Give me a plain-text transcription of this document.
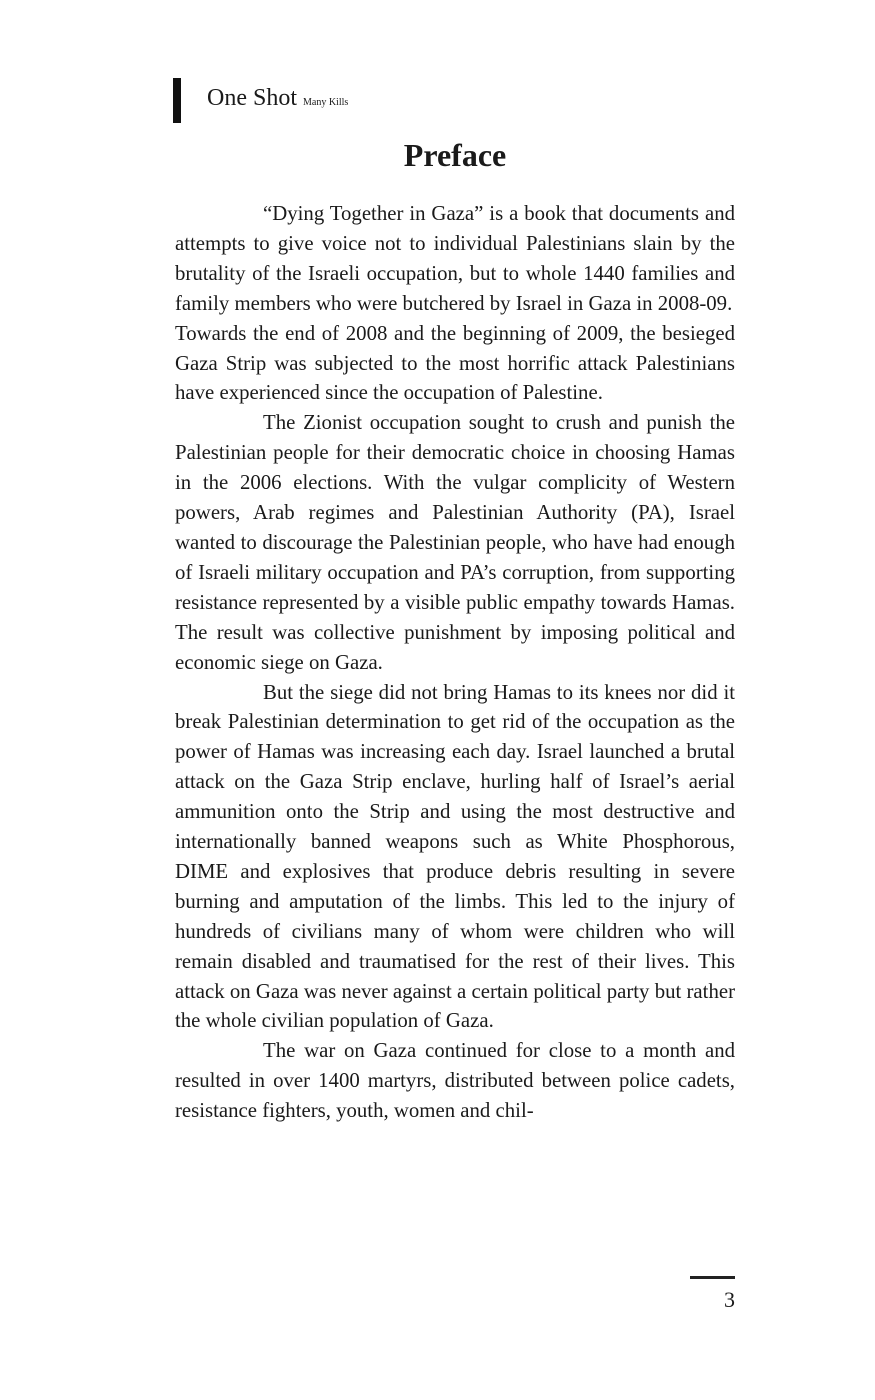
One Shot Many Kills
Preface

“Dying Together in Gaza” is a book that documents and attempts to give voice not to individual Palestinians slain by the brutality of the Israeli occupation, but to whole 1440 families and family members who were butchered by Israel in Gaza in 2008-09.

Towards the end of 2008 and the beginning of 2009, the besieged Gaza Strip was subjected to the most horrific attack Palestinians have experienced since the occupation of Palestine.

The Zionist occupation sought to crush and punish the Palestinian people for their democratic choice in choosing Hamas in the 2006 elections. With the vulgar complicity of Western powers, Arab regimes and Palestinian Authority (PA), Israel wanted to discourage the Palestinian people, who have had enough of Israeli military occupation and PA’s corruption, from supporting resistance represented by a visible public empathy towards Hamas. The result was collective punishment by imposing political and economic siege on Gaza.

But the siege did not bring Hamas to its knees nor did it break Palestinian determination to get rid of the occupation as the power of Hamas was increasing each day. Israel launched a brutal attack on the Gaza Strip enclave, hurling half of Israel’s aerial ammunition onto the Strip and using the most destructive and internationally banned weapons such as White Phosphorous, DIME and explosives that produce debris resulting in severe burning and amputation of the limbs. This led to the injury of hundreds of civilians many of whom were children who will remain disabled and traumatised for the rest of their lives. This attack on Gaza was never against a certain political party but rather the whole civilian population of Gaza.

The war on Gaza continued for close to a month and resulted in over 1400 martyrs, distributed between police cadets, resistance fighters, youth, women and chil-

3
